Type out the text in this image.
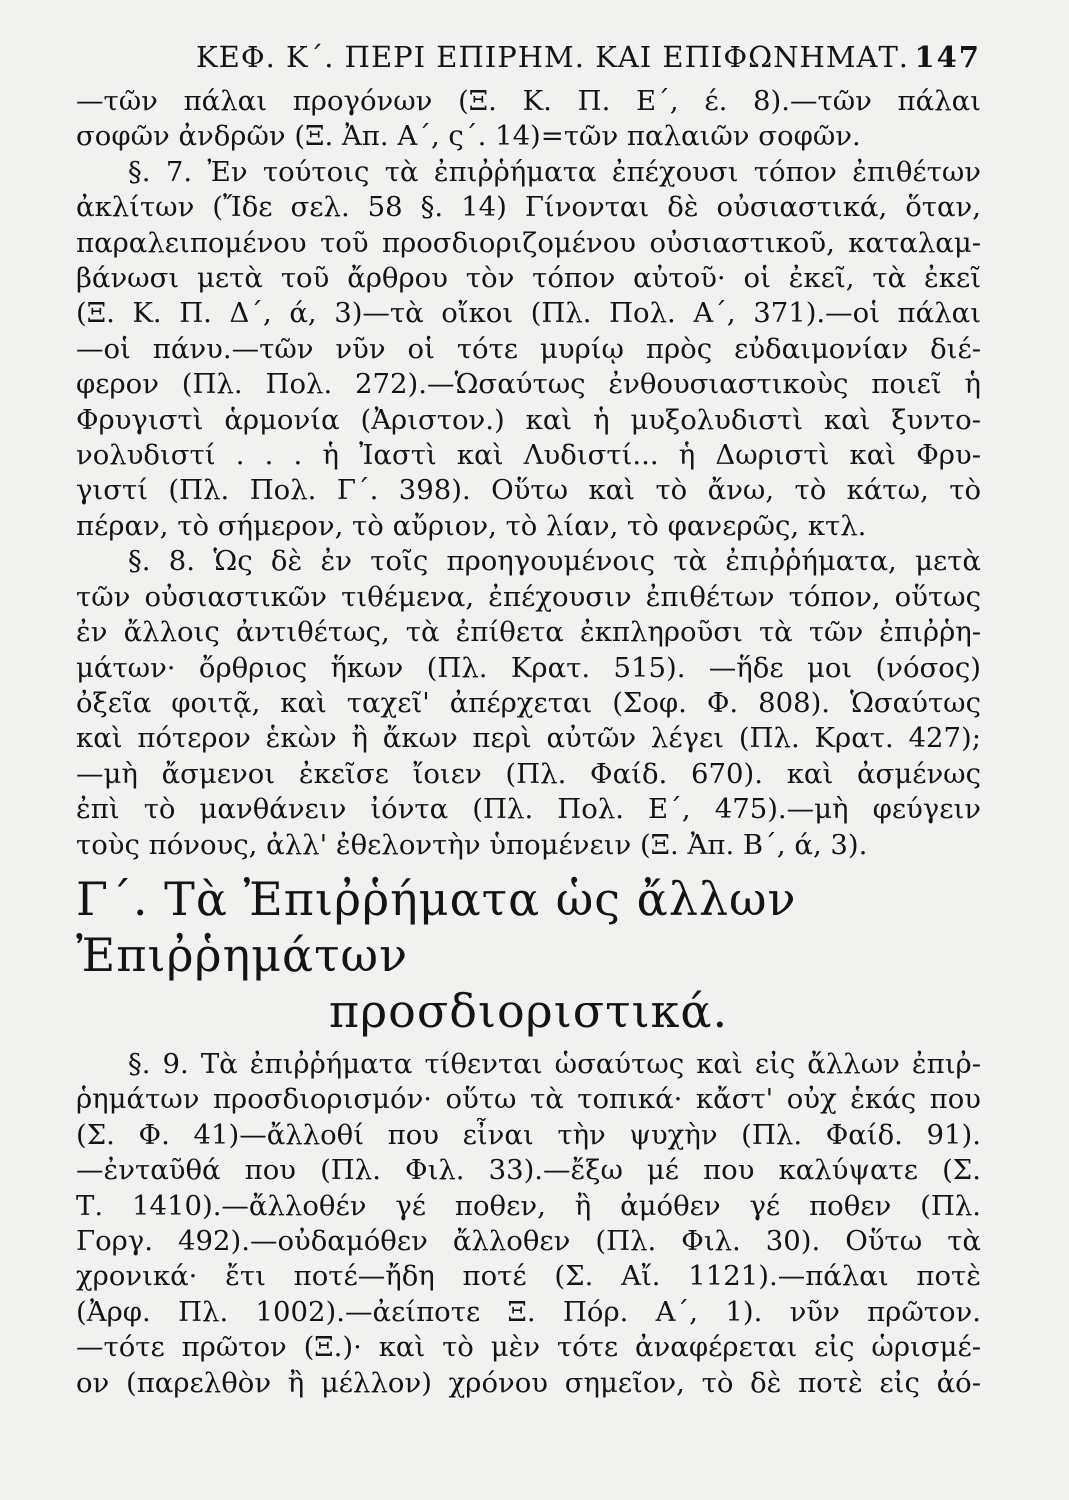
ΚΕΦ. Κ΄. ΠΕΡΙ ΕΠΙΡΗΜ. ΚΑΙ ΕΠΙΦΩΝΗΜΑΤ. 147

—τῶν πάλαι προγόνων (Ξ. Κ. Π. Ε΄, έ. 8).—τῶν πάλαι
σοφῶν ἀνδρῶν (Ξ. Ἀπ. Α΄, ς΄. 14)=τῶν παλαιῶν σοφῶν.

§. 7. Ἐν τούτοις τὰ ἐπιῤῥήματα ἐπέχουσι τόπον ἐπιθέτων
ἀκλίτων (Ἴδε σελ. 58 §. 14) Γίνονται δὲ οὐσιαστικά, ὅταν,
παραλειπομένου τοῦ προσδιοριζομένου οὐσιαστικοῦ, καταλαμ-
βάνωσι μετὰ τοῦ ἄρθρου τὸν τόπον αὐτοῦ· οἱ ἐκεῖ, τὰ ἐκεῖ
(Ξ. Κ. Π. Δ΄, ά, 3)—τὰ οἴκοι (Πλ. Πολ. Α΄, 371).—οἱ πάλαι
—οἱ πάνυ.—τῶν νῦν οἱ τότε μυρίῳ πρὸς εὐδαιμονίαν διέ-
φερον (Πλ. Πολ. 272).—Ὡσαύτως ἐνθουσιαστικοὺς ποιεῖ ἡ
Φρυγιστὶ ἁρμονία (Ἀριστον.) καὶ ἡ μυξολυδιστὶ καὶ ξυντο-
νολυδιστί . . . ἡ Ἰαστὶ καὶ Λυδιστί... ἡ Δωριστὶ καὶ Φρυ-
γιστί (Πλ. Πολ. Γ΄. 398). Οὕτω καὶ τὸ ἄνω, τὸ κάτω, τὸ
πέραν, τὸ σήμερον, τὸ αὔριον, τὸ λίαν, τὸ φανερῶς, κτλ.

§. 8. Ὡς δὲ ἐν τοῖς προηγουμένοις τὰ ἐπιῤῥήματα, μετὰ
τῶν οὐσιαστικῶν τιθέμενα, ἐπέχουσιν ἐπιθέτων τόπον, οὕτως
ἐν ἄλλοις ἀντιθέτως, τὰ ἐπίθετα ἐκπληροῦσι τὰ τῶν ἐπιῤῥη-
μάτων· ὄρθριος ἥκων (Πλ. Κρατ. 515). —ἥδε μοι (νόσος)
ὀξεῖα φοιτᾷ, καὶ ταχεῖ' ἀπέρχεται (Σοφ. Φ. 808). Ὡσαύτως
καὶ πότερον ἑκὼν ἢ ἄκων περὶ αὐτῶν λέγει (Πλ. Κρατ. 427);
—μὴ ἄσμενοι ἐκεῖσε ἴοιεν (Πλ. Φαίδ. 670). καὶ ἀσμένως
ἐπὶ τὸ μανθάνειν ἰόντα (Πλ. Πολ. Ε΄, 475).—μὴ φεύγειν
τοὺς πόνους, ἀλλ' ἐθελοντὴν ὑπομένειν (Ξ. Ἀπ. Β΄, ά, 3).

Γ΄. Τὰ Ἐπιῤῥήματα ὡς ἄλλων Ἐπιῤῥημάτων
προσδιοριστικά.

§. 9. Τὰ ἐπιῤῥήματα τίθενται ὡσαύτως καὶ εἰς ἄλλων ἐπιῤ-
ῥημάτων προσδιορισμόν· οὕτω τὰ τοπικά· κἄστ' οὐχ ἑκάς που
(Σ. Φ. 41)—ἄλλοθί που εἶναι τὴν ψυχὴν (Πλ. Φαίδ. 91).
—ἐνταῦθά που (Πλ. Φιλ. 33).—ἔξω μέ που καλύψατε (Σ.
Τ. 1410).—ἄλλοθέν γέ ποθεν, ἢ ἀμόθεν γέ ποθεν (Πλ.
Γοργ. 492).—οὐδαμόθεν ἄλλοθεν (Πλ. Φιλ. 30). Οὕτω τὰ
χρονικά· ἔτι ποτέ—ἤδη ποτέ (Σ. Αἴ. 1121).—πάλαι ποτὲ
(Ἀρφ. Πλ. 1002).—ἀείποτε Ξ. Πόρ. Α΄, 1). νῦν πρῶτον.
—τότε πρῶτον (Ξ.)· καὶ τὸ μὲν τότε ἀναφέρεται εἰς ὡρισμέ-
ον (παρελθὸν ἢ μέλλον) χρόνου σημεῖον, τὸ δὲ ποτὲ εἰς ἀό-
